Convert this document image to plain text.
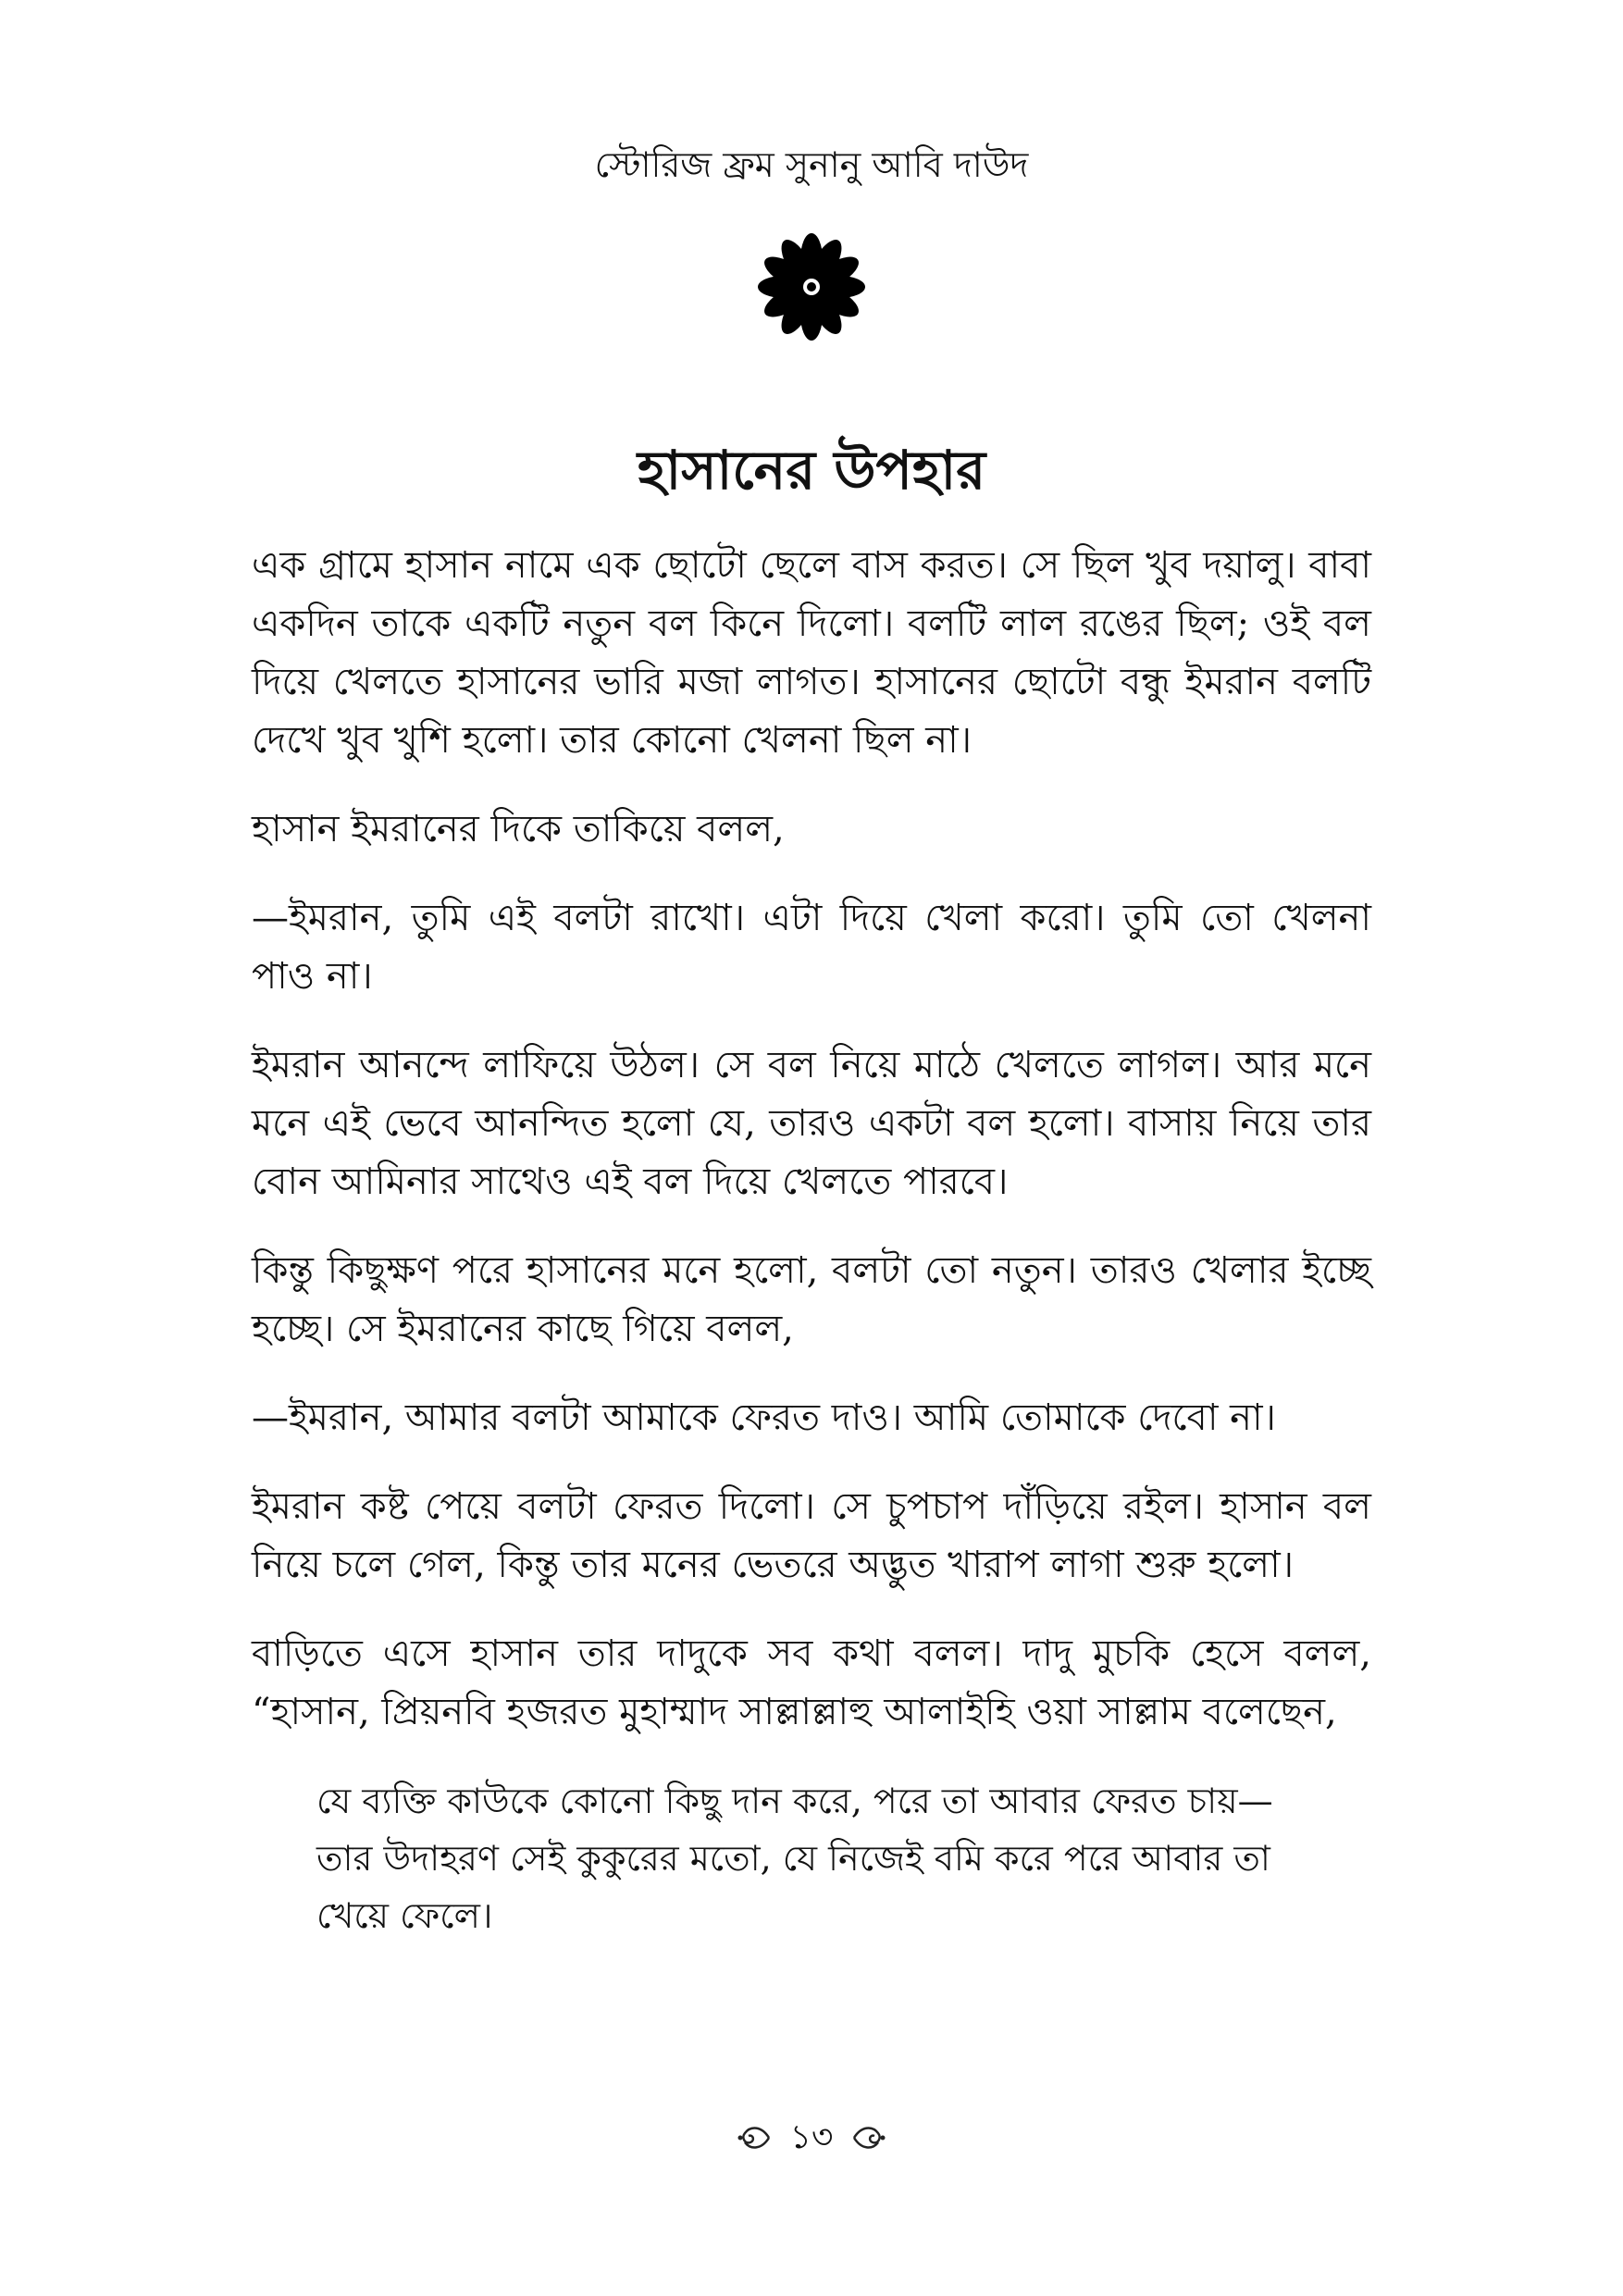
স্টোরিজ ফ্রম সুনানু আবি দাউদ
হাসানের উপহার

এক গ্রামে হাসান নামে এক ছোটো ছেলে বাস করত। সে ছিল খুব দয়ালু। বাবা একদিন তাকে একটি নতুন বল কিনে দিলো। বলটি লাল রঙের ছিল; ওই বল দিয়ে খেলতে হাসানের ভারি মজা লাগত। হাসানের ছোটো বন্ধু ইমরান বলটি দেখে খুব খুশি হলো। তার কোনো খেলনা ছিল না।

হাসান ইমরানের দিকে তাকিয়ে বলল,

—ইমরান, তুমি এই বলটা রাখো। এটা দিয়ে খেলা করো। তুমি তো খেলনা পাও না।

ইমরান আনন্দে লাফিয়ে উঠল। সে বল নিয়ে মাঠে খেলতে লাগল। আর মনে মনে এই ভেবে আনন্দিত হলো যে, তারও একটা বল হলো। বাসায় নিয়ে তার বোন আমিনার সাথেও এই বল দিয়ে খেলতে পারবে।

কিন্তু কিছুক্ষণ পরে হাসানের মনে হলো, বলটা তো নতুন। তারও খেলার ইচ্ছে হচ্ছে। সে ইমরানের কাছে গিয়ে বলল,

—ইমরান, আমার বলটা আমাকে ফেরত দাও। আমি তোমাকে দেবো না।

ইমরান কষ্ট পেয়ে বলটা ফেরত দিলো। সে চুপচাপ দাঁড়িয়ে রইল। হাসান বল নিয়ে চলে গেল, কিন্তু তার মনের ভেতরে অদ্ভুত খারাপ লাগা শুরু হলো।

বাড়িতে এসে হাসান তার দাদুকে সব কথা বলল। দাদু মুচকি হেসে বলল, “হাসান, প্রিয়নবি হজরত মুহাম্মাদ সাল্লাল্লাহু আলাইহি ওয়া সাল্লাম বলেছেন,

যে ব্যক্তি কাউকে কোনো কিছু দান করে, পরে তা আবার ফেরত চায়—তার উদাহরণ সেই কুকুরের মতো, যে নিজেই বমি করে পরে আবার তা খেয়ে ফেলে।

১৩
